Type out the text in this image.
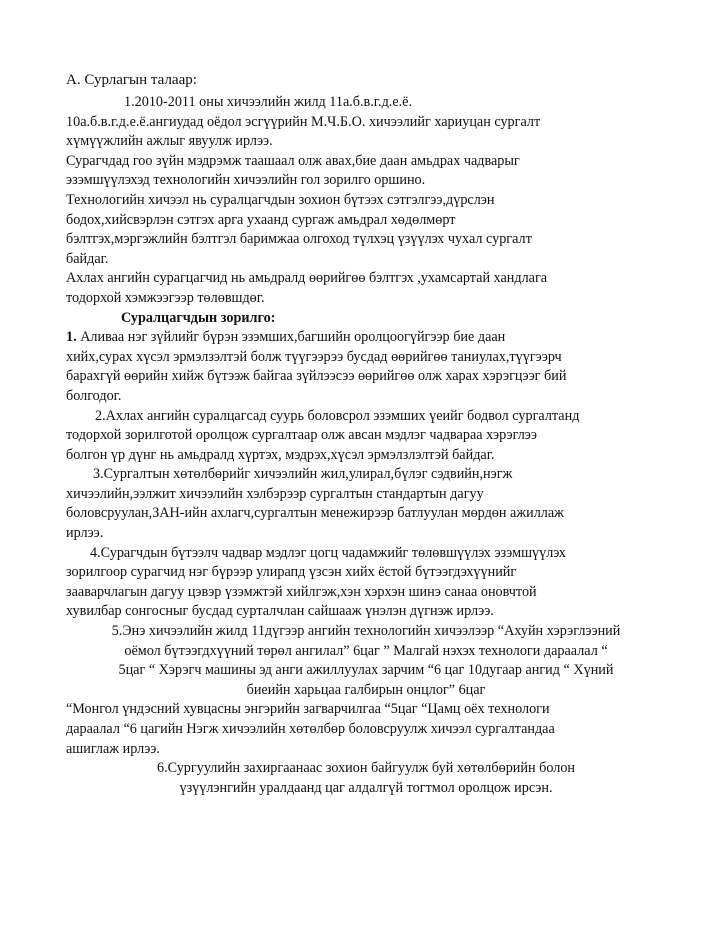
А. Сурлагын талаар:

1.2010-2011 оны хичээлийн жилд 11а.б.в.г.д.е.ё.

10а.б.в.г.д.е.ё.ангиудад оёдол эсгүүрийн М.Ч.Б.О. хичээлийг хариуцан сургалт

хүмүүжлийн ажлыг явуулж ирлээ.

Сурагчдад гоо зүйн мэдрэмж таашаал олж авах,бие даан амьдрах чадварыг

эзэмшүүлэхэд технологийн хичээлийн гол зорилго оршино.

Технологийн хичээл нь суралцагчдын зохион бүтээх сэтгэлгээ,дүрслэн

бодох,хийсвэрлэн сэтгэх арга ухаанд сургаж амьдрал хөдөлмөрт

бэлтгэх,мэргэжлийн бэлтгэл баримжаа олгоход түлхэц үзүүлэх чухал сургалт

байдаг.

Ахлах ангийн сурагцагчид нь амьдралд өөрийгөө бэлтгэх ,ухамсартай хандлага

тодорхой хэмжээгээр төлөвшдөг.

Суралцагчдын зорилго:

1. Аливаа нэг зүйлийг бүрэн эзэмших,багшийн оролцоогүйгээр бие даан

хийх,сурах хүсэл эрмэлзэлтэй болж түүгээрээ бусдад өөрийгөө таниулах,түүгээрч

барахгүй өөрийн хийж бүтээж байгаа зүйлээсээ өөрийгөө олж харах хэрэгцээг бий

болгодог.

2.Ахлах ангийн суралцагсад суурь боловсрол эзэмших үеийг бодвол сургалтанд

тодорхой зорилготой оролцож сургалтаар олж авсан мэдлэг чадвараа хэрэглээ

болгон үр дүнг нь амьдралд хүртэх, мэдрэх,хүсэл эрмэлзлэлтэй байдаг.

3.Сургалтын хөтөлбөрийг хичээлийн жил,улирал,бүлэг сэдвийн,нэгж

хичээлийн,ээлжит хичээлийн хэлбэрээр сургалтын стандартын дагуу

боловсруулан,ЗАН-ийн ахлагч,сургалтын менежирээр батлуулан мөрдөн ажиллаж

ирлээ.

4.Сурагчдын бүтээлч чадвар мэдлэг цогц чадамжийг төлөвшүүлэх эзэмшүүлэх

зорилгоор сурагчид нэг бүрээр улирапд үзсэн хийх ёстой бүтээгдэхүүнийг

зааварчлагын дагуу цэвэр үзэмжтэй хийлгэж,хэн хэрхэн шинэ санаа оновчтой

хувилбар сонгосныг бусдад сурталчлан сайшааж үнэлэн дүгнэж ирлээ.

5.Энэ хичээлийн жилд 11дүгээр ангийн технологийн хичээлээр “Ахуйн хэрэглээний

оёмол бүтээгдхүүний төрөл ангилал” 6цаг ” Малгай нэхэх технологи дараалал “

5цаг “ Хэрэгч машины эд анги ажиллуулах зарчим “6 цаг 10дугаар ангид “ Хүний

биеийн харьцаа галбирын онцлог” 6цаг

“Монгол үндэсний хувцасны энгэрийн загварчилгаа “5цаг “Цамц оёх технологи

дараалал “6 цагийн Нэгж хичээлийн хөтөлбөр боловсруулж хичээл сургалтандаа

ашиглаж ирлээ.

6.Сургуулийн захиргаанаас зохион байгуулж буй хөтөлбөрийн болон

үзүүлэнгийн уралдаанд цаг алдалгүй тогтмол оролцож ирсэн.
